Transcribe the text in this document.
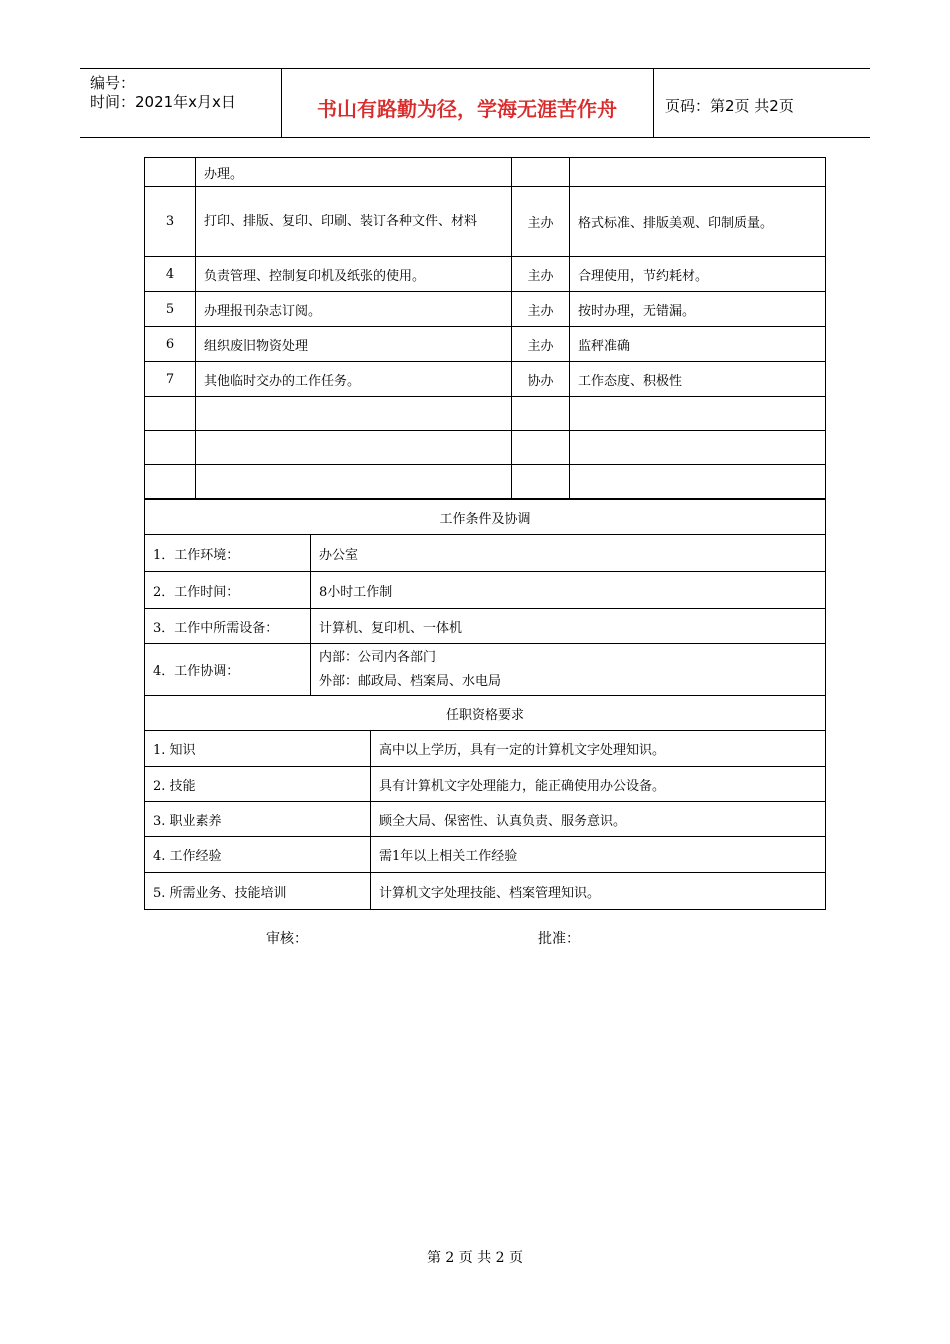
编号：
时间：2021年x月x日	书山有路勤为径，学海无涯苦作舟	页码：第2页 共2页
	办理。		
3	打印、排版、复印、印刷、装订各种文件、材料	主办	格式标准、排版美观、印制质量。
4	负责管理、控制复印机及纸张的使用。	主办	合理使用，节约耗材。
5	办理报刊杂志订阅。	主办	按时办理，无错漏。
6	组织废旧物资处理	主办	监秤准确
7	其他临时交办的工作任务。	协办	工作态度、积极性

工作条件及协调	
1．工作环境：	办公室
2．工作时间：	8小时工作制
3．工作中所需设备：	计算机、复印机、一体机
4．工作协调：	内部：公司内各部门
外部：邮政局、档案局、水电局
任职资格要求	
1. 知识	高中以上学历，具有一定的计算机文字处理知识。
2. 技能	具有计算机文字处理能力，能正确使用办公设备。
3. 职业素养	顾全大局、保密性、认真负责、服务意识。
4. 工作经验	需1年以上相关工作经验
5. 所需业务、技能培训	计算机文字处理技能、档案管理知识。
审核：	批准：
第 2 页 共 2 页
